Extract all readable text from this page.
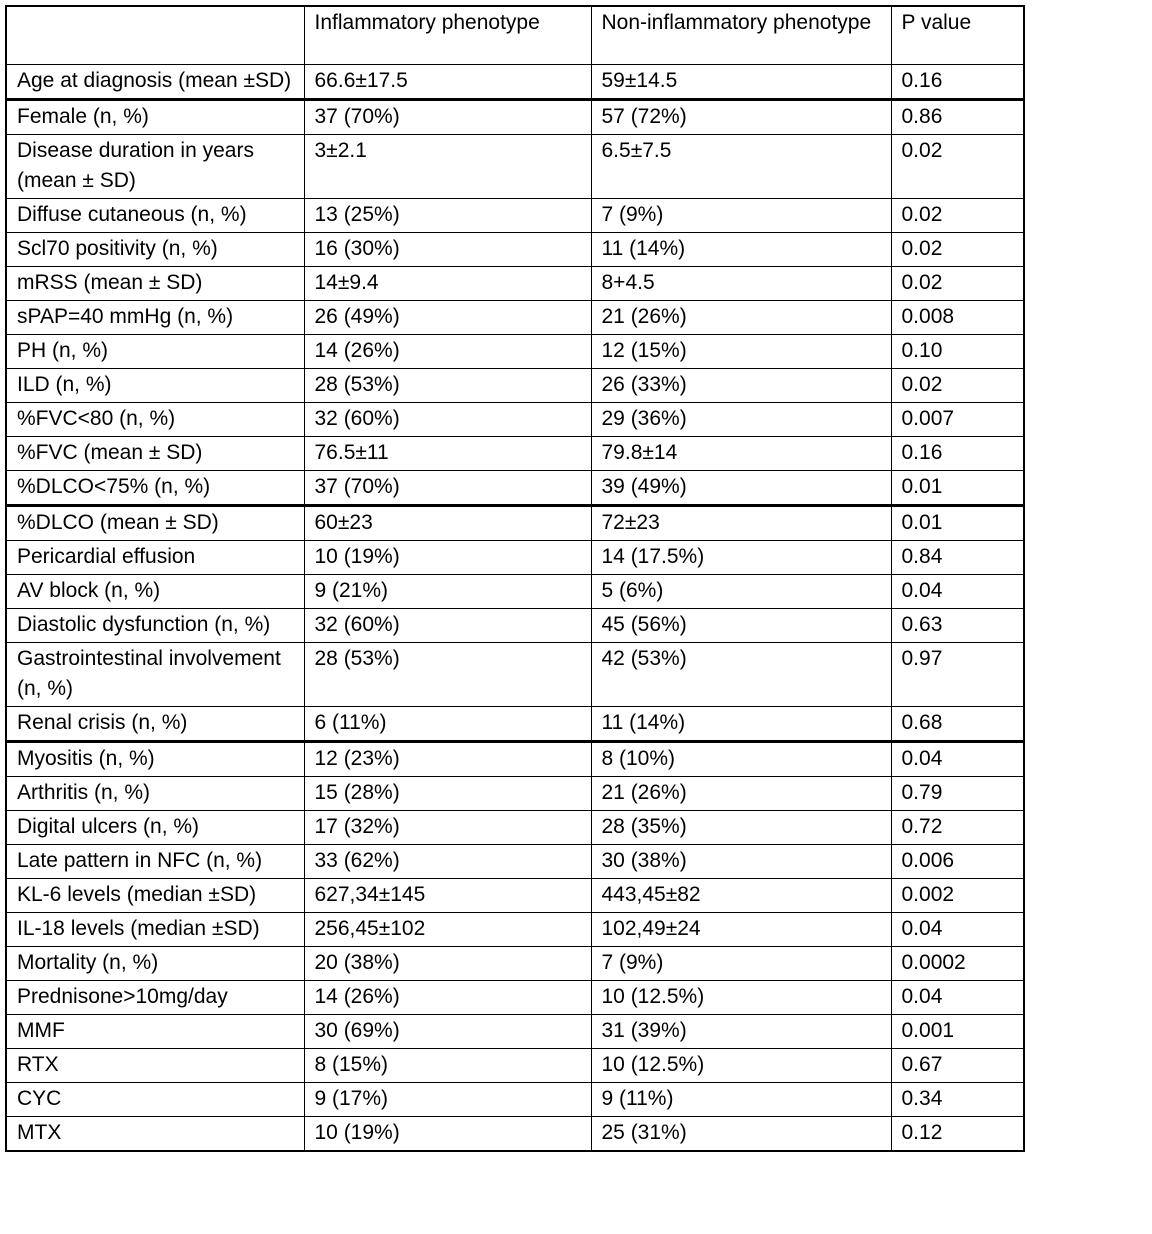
	Inflammatory phenotype	Non-inflammatory phenotype	P value
Age at diagnosis (mean ±SD)	66.6±17.5	59±14.5	0.16
Female (n, %)	37 (70%)	57 (72%)	0.86
Disease duration in years (mean ± SD)	3±2.1	6.5±7.5	0.02
Diffuse cutaneous (n, %)	13 (25%)	7 (9%)	0.02
Scl70 positivity (n, %)	16 (30%)	11 (14%)	0.02
mRSS (mean ± SD)	14±9.4	8+4.5	0.02
sPAP=40 mmHg (n, %)	26 (49%)	21 (26%)	0.008
PH (n, %)	14 (26%)	12 (15%)	0.10
ILD (n, %)	28 (53%)	26 (33%)	0.02
%FVC<80 (n, %)	32 (60%)	29 (36%)	0.007
%FVC (mean ± SD)	76.5±11	79.8±14	0.16
%DLCO<75% (n, %)	37 (70%)	39 (49%)	0.01
%DLCO (mean ± SD)	60±23	72±23	0.01
Pericardial effusion	10 (19%)	14 (17.5%)	0.84
AV block (n, %)	9 (21%)	5 (6%)	0.04
Diastolic dysfunction (n, %)	32 (60%)	45 (56%)	0.63
Gastrointestinal involvement (n, %)	28 (53%)	42 (53%)	0.97
Renal crisis (n, %)	6 (11%)	11 (14%)	0.68
Myositis (n, %)	12 (23%)	8 (10%)	0.04
Arthritis (n, %)	15 (28%)	21 (26%)	0.79
Digital ulcers (n, %)	17 (32%)	28 (35%)	0.72
Late pattern in NFC (n, %)	33 (62%)	30 (38%)	0.006
KL-6 levels (median ±SD)	627,34±145	443,45±82	0.002
IL-18 levels (median ±SD)	256,45±102	102,49±24	0.04
Mortality (n, %)	20 (38%)	7 (9%)	0.0002
Prednisone>10mg/day	14 (26%)	10 (12.5%)	0.04
MMF	30 (69%)	31 (39%)	0.001
RTX	8 (15%)	10 (12.5%)	0.67
CYC	9 (17%)	9 (11%)	0.34
MTX	10 (19%)	25 (31%)	0.12
